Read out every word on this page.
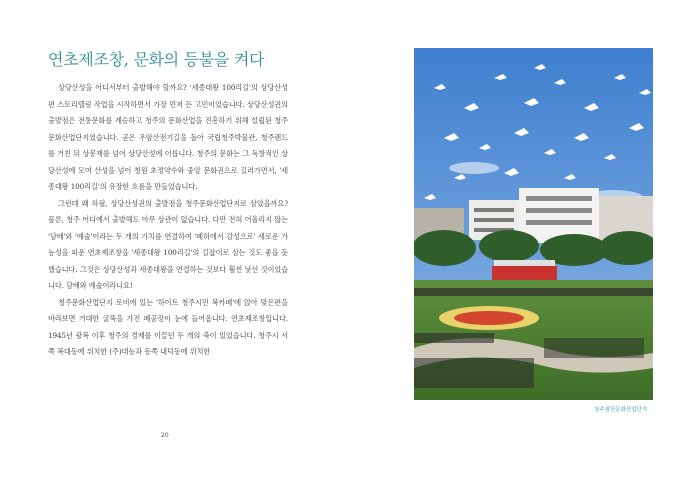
연초제조창, 문화의 등불을 켜다

상당산성을 어디서부터 출발해야 할까요? '세종대왕 100리길'의 상당산성편 스토리텔링 작업을 시작하면서 가장 먼저 든 고민이었습니다. 상당산성권의 출발점은 전통문화를 계승하고 청주의 문화산업을 진흥하기 위해 설립된 청주문화산업단지였습니다. 곧은 우암산전기길을 돌아 국립청주박물관, 청주랜드를 거친 뒤 상봉재를 넘어 상당산성에 이릅니다. 청주의 문화는 그 독창적인 상당산성에 모여 산성을 넘어 청원 초정약수와 중앙 문화권으로 길러가면서, '세종대왕 100리길'의 유장한 흐름을 만들었습니다.

그런데 왜 하필, 상당산성권의 출발점을 청주문화산업단지로 삼았을까요? 물론, 청주 어디에서 출발해도 아무 상관이 없습니다. 다만 전혀 어울리지 않는 '담배'와 '예술'이라는 두 개의 가치를 연결하여 '폐허에서 감성으로' 새로운 가능성을 피운 연초제조창을 '세종대왕 100리길'의 길잡이로 삼는 것도 좋을 듯했습니다. 그것은 상당산성과 세종대왕을 연결하는 것보다 훨씬 낯선 것이었습니다. 담배와 예술이라니요!

청주문화산업단지 로비에 있는 '하이트 청주시민 복카페'에 앉아 맞은편을 바라보면 거대한 굴뚝을 가진 폐공장이 눈에 들어옵니다. 연초제조창입니다. 1945년 광복 이후 청주의 경제를 이끌던 두 개의 축이 있었습니다. 청주시 서쪽 복대동에 위치한 (주)대농과 동쪽 내덕동에 위치한

20
청주첨단문화산업단지
